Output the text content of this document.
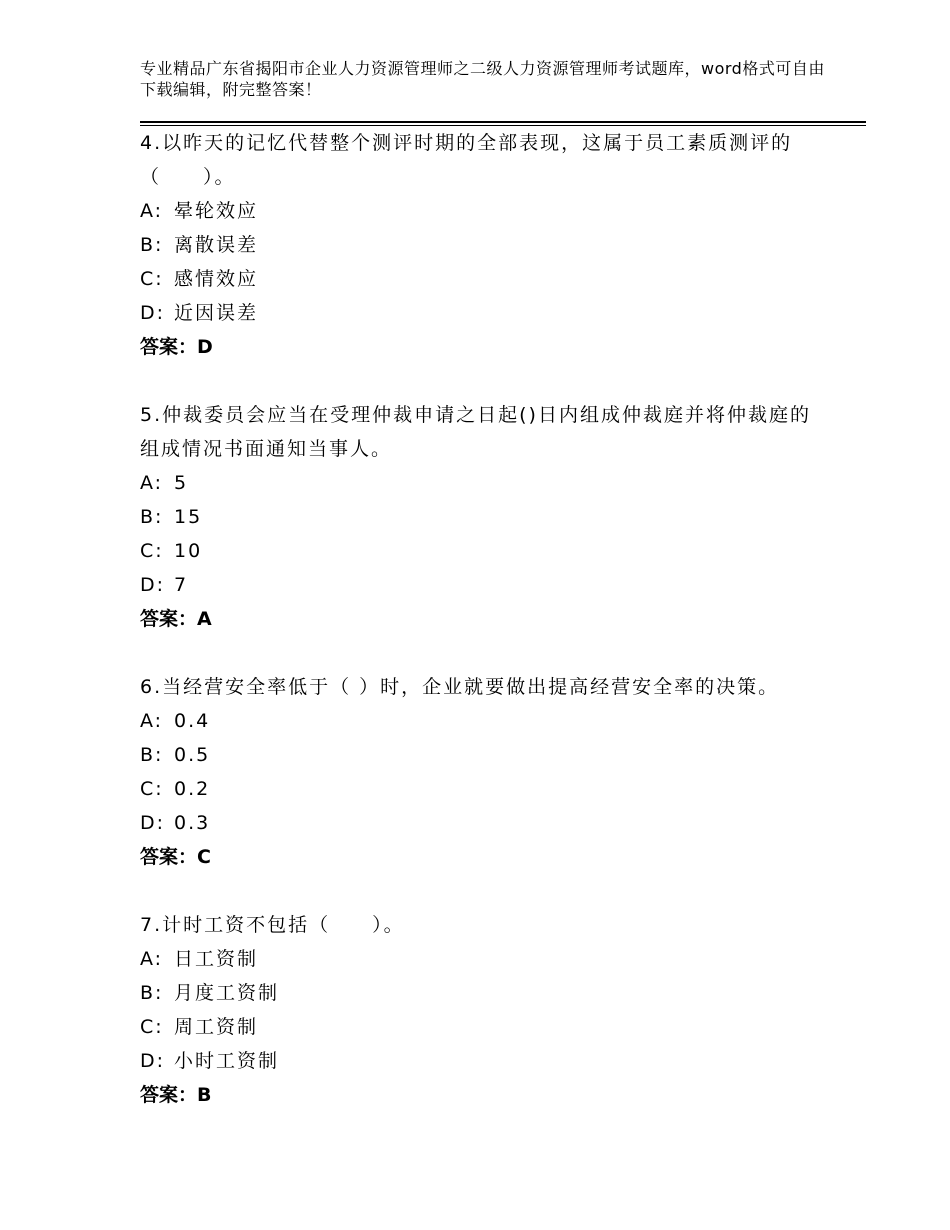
专业精品广东省揭阳市企业人力资源管理师之二级人力资源管理师考试题库，word格式可自由下载编辑，附完整答案！
4.以昨天的记忆代替整个测评时期的全部表现，这属于员工素质测评的（　　）。
A: 晕轮效应
B: 离散误差
C: 感情效应
D: 近因误差
答案：D
5.仲裁委员会应当在受理仲裁申请之日起()日内组成仲裁庭并将仲裁庭的组成情况书面通知当事人。
A: 5
B: 15
C: 10
D: 7
答案：A
6.当经营安全率低于（ ）时，企业就要做出提高经营安全率的决策。
A: 0.4
B: 0.5
C: 0.2
D: 0.3
答案：C
7.计时工资不包括（　　）。
A: 日工资制
B: 月度工资制
C: 周工资制
D: 小时工资制
答案：B
